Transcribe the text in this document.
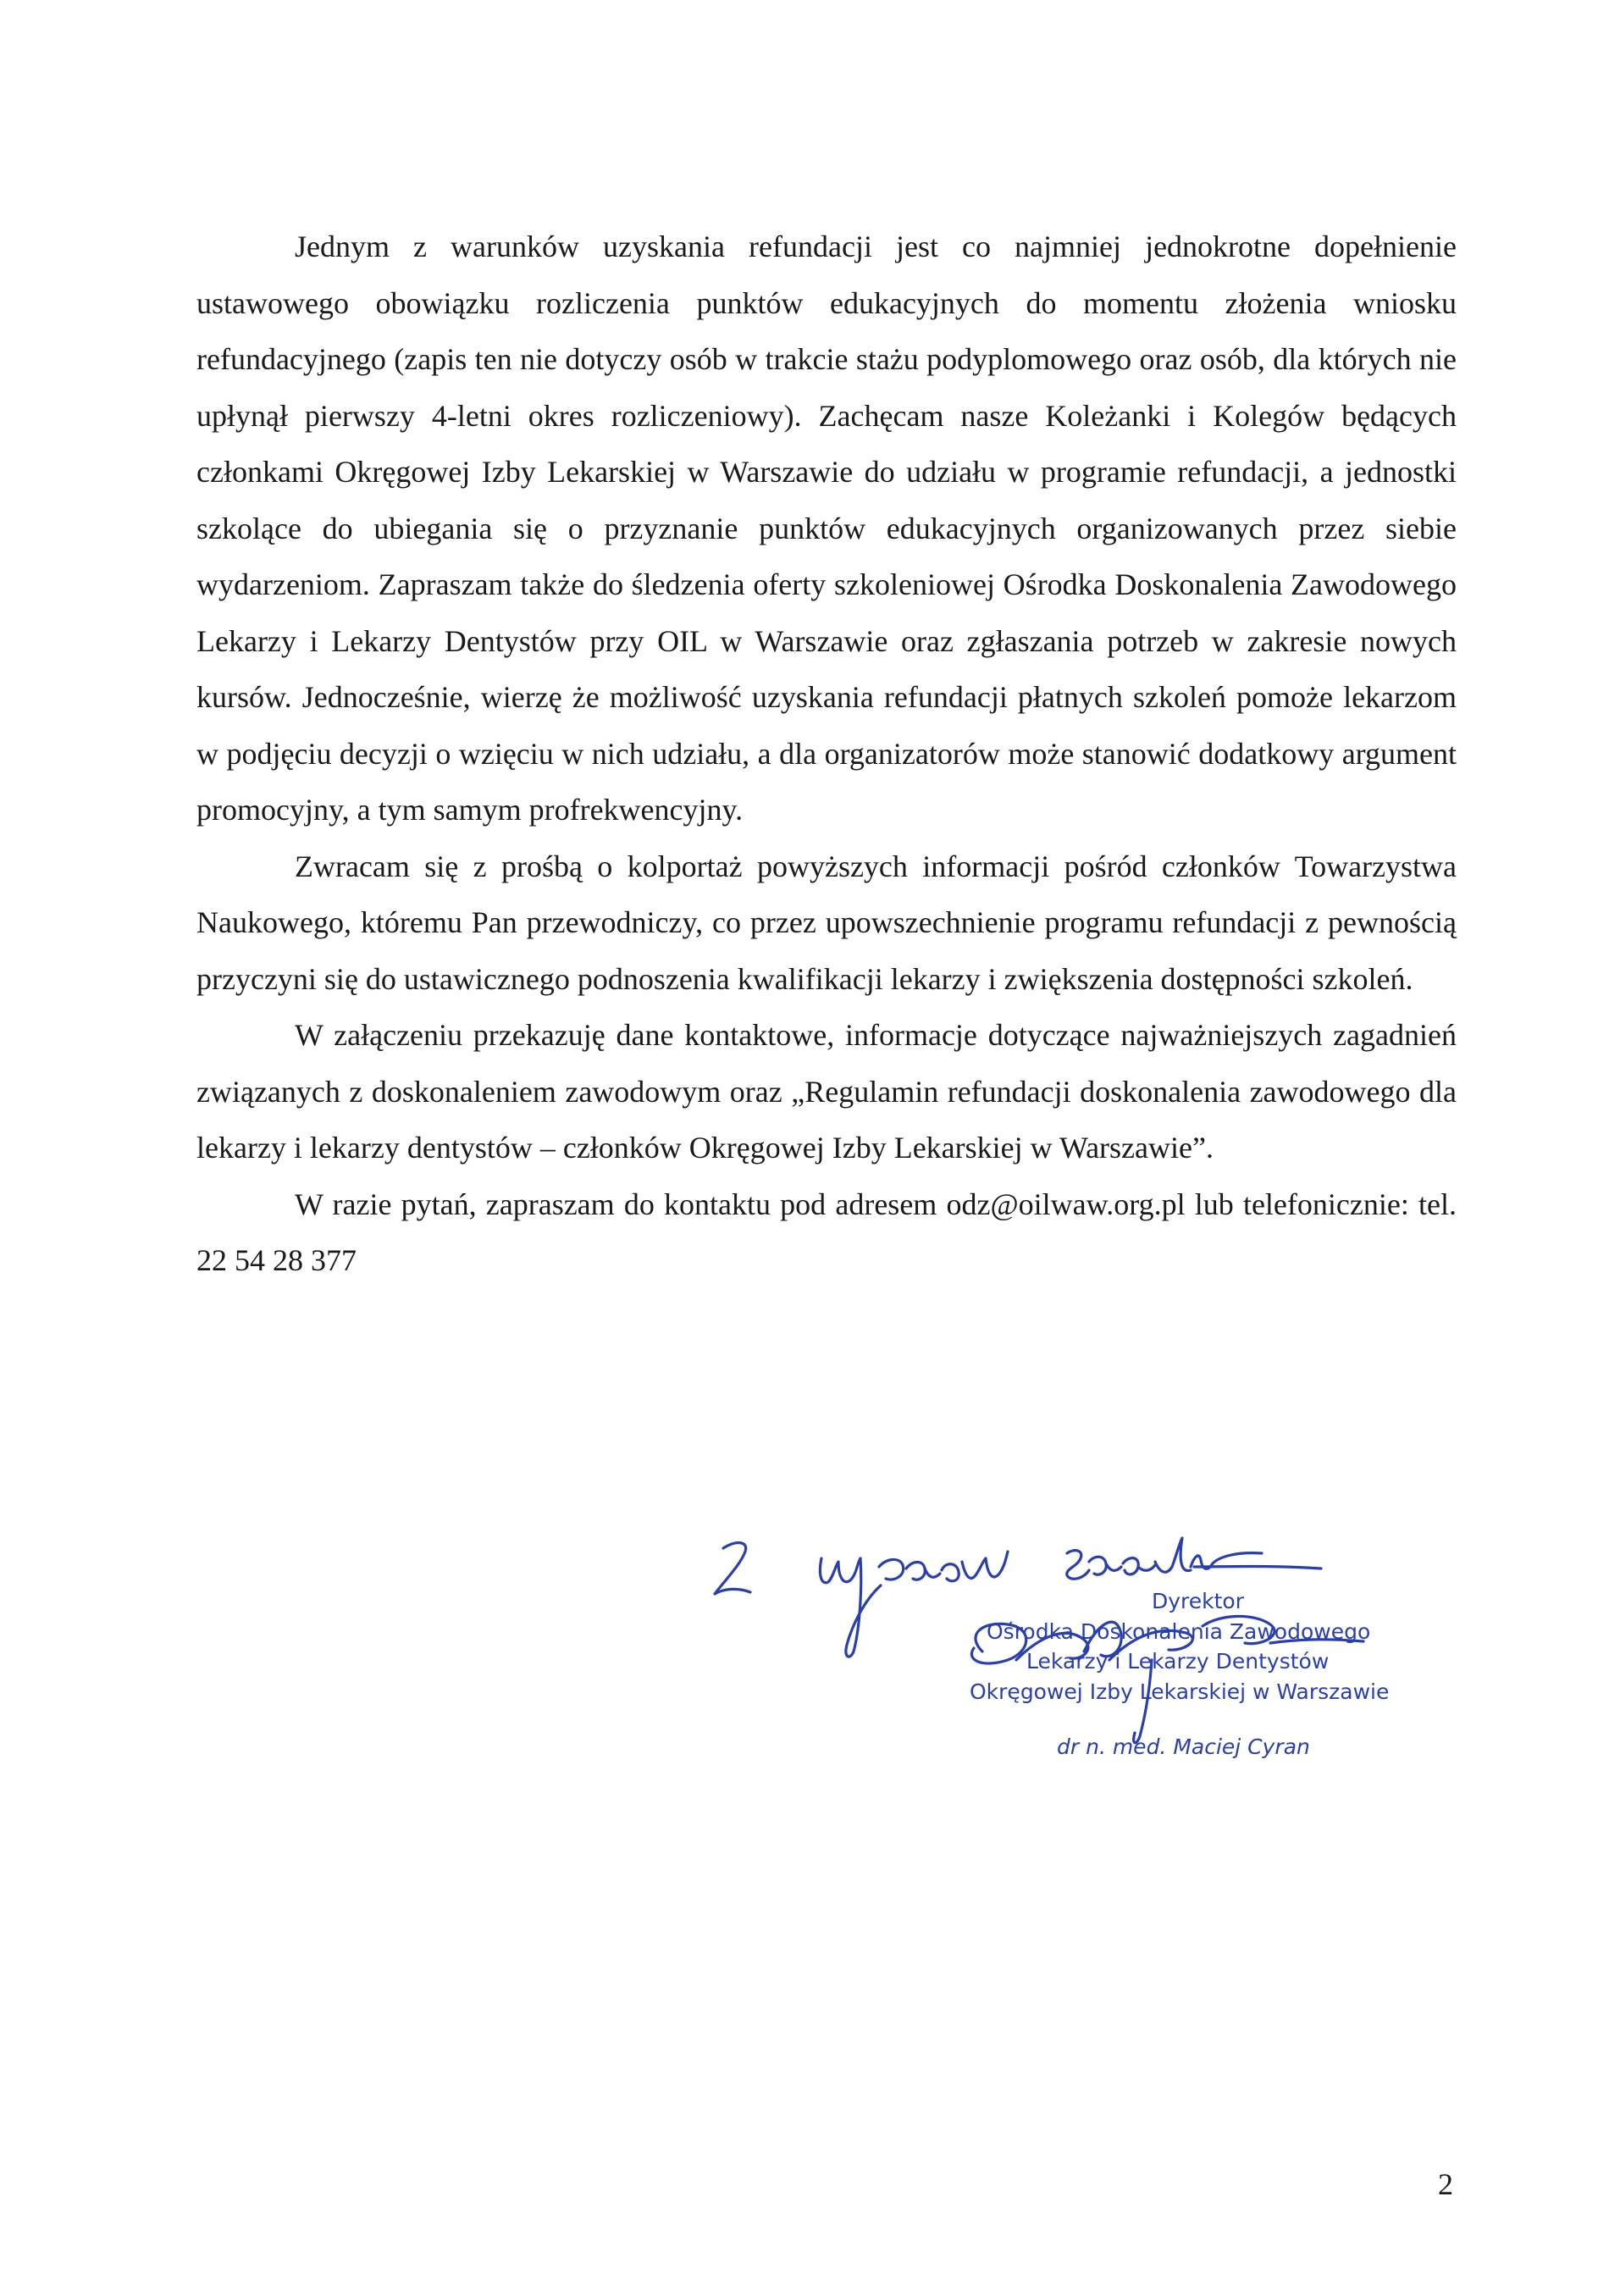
Jednym z warunków uzyskania refundacji jest co najmniej jednokrotne dopełnienie ustawowego obowiązku rozliczenia punktów edukacyjnych do momentu złożenia wniosku refundacyjnego (zapis ten nie dotyczy osób w trakcie stażu podyplomowego oraz osób, dla których nie upłynął pierwszy 4-letni okres rozliczeniowy). Zachęcam nasze Koleżanki i Kolegów będących członkami Okręgowej Izby Lekarskiej w Warszawie do udziału w programie refundacji, a jednostki szkolące do ubiegania się o przyznanie punktów edukacyjnych organizowanych przez siebie wydarzeniom. Zapraszam także do śledzenia oferty szkoleniowej Ośrodka Doskonalenia Zawodowego Lekarzy i Lekarzy Dentystów przy OIL w Warszawie oraz zgłaszania potrzeb w zakresie nowych kursów. Jednocześnie, wierzę że możliwość uzyskania refundacji płatnych szkoleń pomoże lekarzom w podjęciu decyzji o wzięciu w nich udziału, a dla organizatorów może stanowić dodatkowy argument promocyjny, a tym samym profrekwencyjny.

Zwracam się z prośbą o kolportaż powyższych informacji pośród członków Towarzystwa Naukowego, któremu Pan przewodniczy, co przez upowszechnienie programu refundacji z pewnością przyczyni się do ustawicznego podnoszenia kwalifikacji lekarzy i zwiększenia dostępności szkoleń.

W załączeniu przekazuję dane kontaktowe, informacje dotyczące najważniejszych zagadnień związanych z doskonaleniem zawodowym oraz „Regulamin refundacji doskonalenia zawodowego dla lekarzy i lekarzy dentystów – członków Okręgowej Izby Lekarskiej w Warszawie”.

W razie pytań, zapraszam do kontaktu pod adresem odz@oilwaw.org.pl lub telefonicznie: tel. 22 54 28 377

Dyrektor
Ośrodka Doskonalenia Zawodowego
Lekarzy i Lekarzy Dentystów
Okręgowej Izby Lekarskiej w Warszawie
dr n. med. Maciej Cyran
2
